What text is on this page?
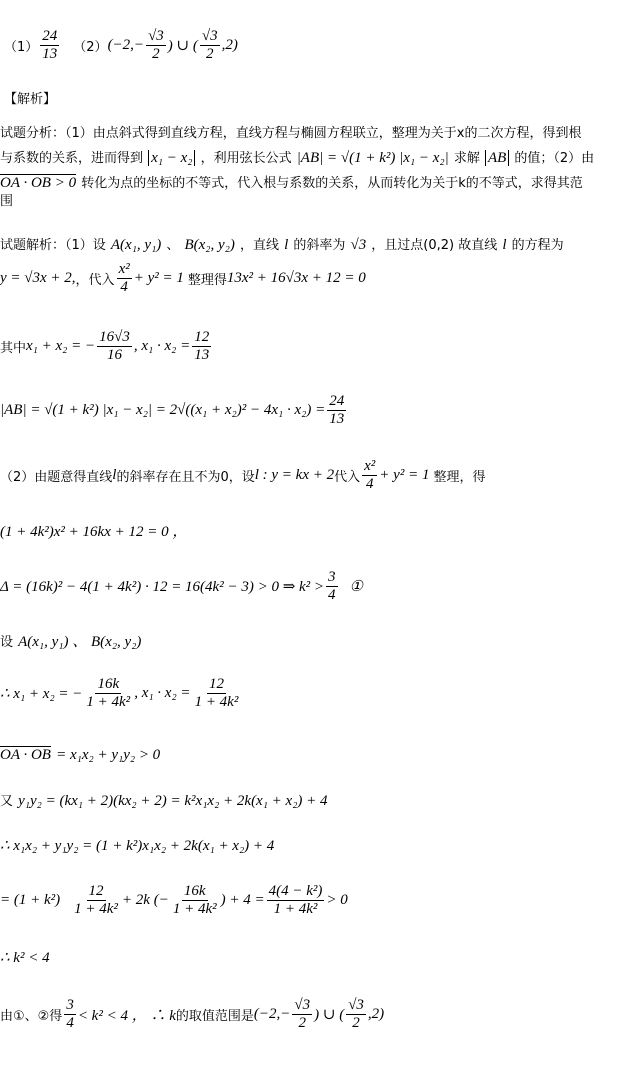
$(1) \frac{24}{13} (2)$ ($-2,- \frac{√3}{2}$ ) ∪ ( $\frac{√3}{2} ,2$)
【解析】
试题分析：（1）由点斜式得到直线方程，直线方程与椭圆方程联立，整理为关于x的二次方程，得到根
与系数的关系，进而得到 x₁ − x₂ ，利用弦长公式 |AB| = √(1 + k²) |x₁ − x₂| 求解 AB 的值；（2）由
OA · OB > 0 转化为点的坐标的不等式，代入根与系数的关系，从而转化为关于k的不等式，求得其范
围
试题解析：（1）设 A(x₁, y₁) 、 B(x₂, y₂) ，直线 l 的斜率为 √3 ，且过点(0,2) 故直线 l 的方程为
y = √3x + 2, ，代入 $\frac{\text{x²}}{4} + y^2 = 1$ 整理得 13x² + 16√3x + 12 = 0
其中 x₁ + x₂ = − $\frac{16√3}{16}$ , $x_1 \cdot x_2 = \frac{12}{13}$
|AB| = √(1 + k²) $|x_1 - x_2| = 2√((x_1 + x_2)^2 - 4x_1 \cdot x_2) = \frac{24}{13}$
（2）由题意得直线 l 的斜率存在且不为0，设 l : y = kx + 2 代入 $\frac{\text{x²}}{4} + y^2 = 1$ 整理，得
(1 + 4k²)x² + 16kx + 12 = 0 ，
Δ = (16k)² − 4(1 + 4k²) · 12 = 16(4k² − 3) > 0 ⇒ $k^2 > \frac{3}{4}$ ①
设 A(x₁, y₁) 、 B(x₂, y₂)
∴ x₁ + x₂ = − $\frac{16k}{\text{1 + 4k²}}$ , $x_1 \cdot x_2 = \frac{12}{\text{1 + 4k²}}$
OA · OB = x₁x₂ + y₁y₂ > 0
又 y₁y₂ = (kx₁ + 2)(kx₂ + 2) = k²x₁x₂ + 2k(x₁ + x₂) + 4
∴ x₁x₂ + y₁y₂ = (1 + k²)x₁x₂ + 2k(x₁ + x₂) + 4
= $(1 + k^2) \frac{12}{\text{1 + 4k²}} + 2k$ (− $\frac{16k}{\text{1 + 4k²}}$ ) + $4 = \frac{\text{4(4 − k²)}}{\text{1 + 4k²}} > 0$
∴ k² < 4
由①、②得 $\frac{3}{4} < k^2 < 4$ ， ∴ k 的取值范围是 ($-2,- \frac{√3}{2}$ ) ∪ ( $\frac{√3}{2} ,2$)
